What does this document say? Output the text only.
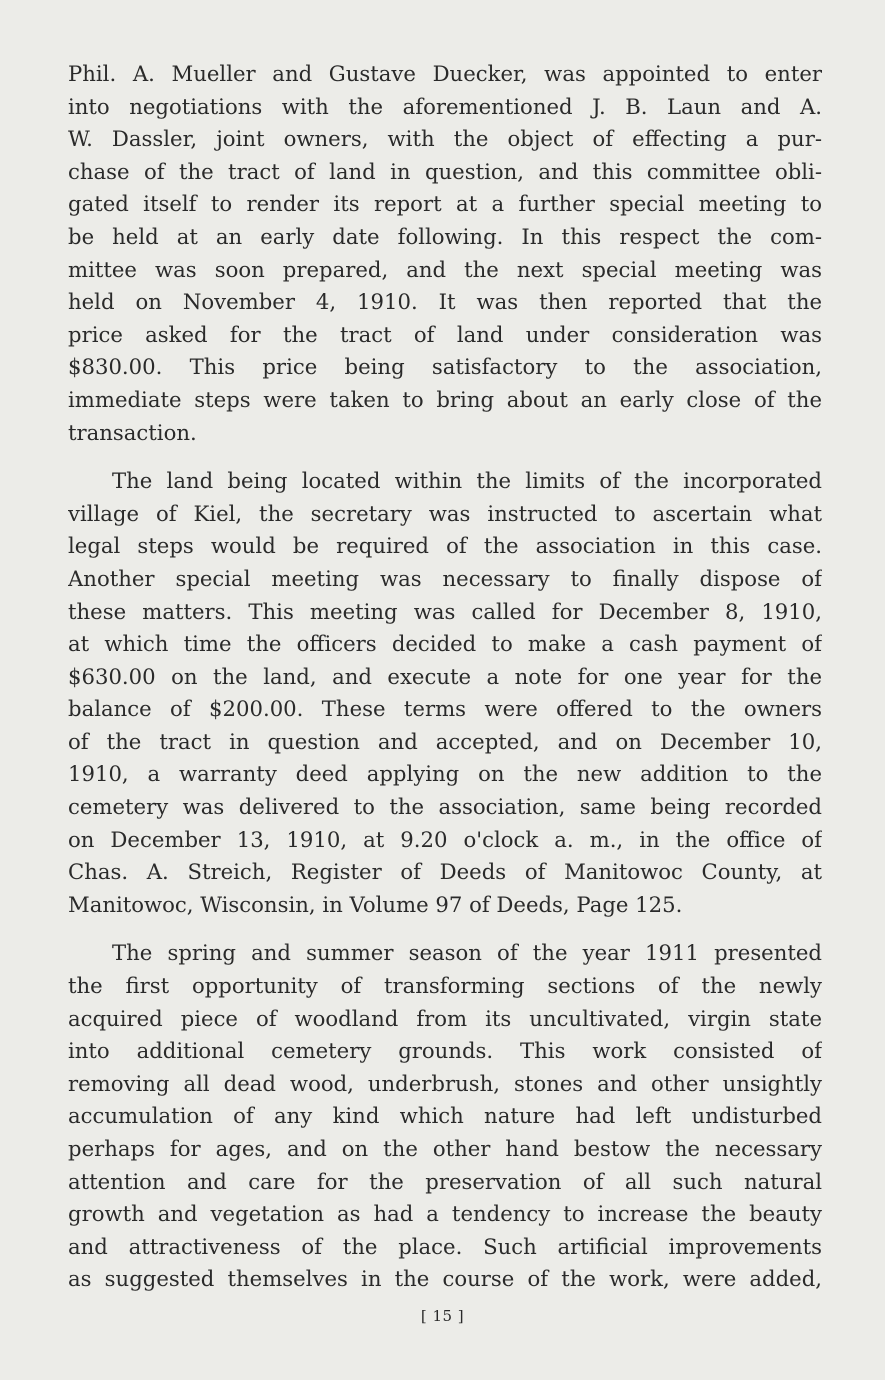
Phil. A. Mueller and Gustave Duecker, was appointed to enter
into negotiations with the aforementioned J. B. Laun and A.
W. Dassler, joint owners, with the object of effecting a pur-
chase of the tract of land in question, and this committee obli-
gated itself to render its report at a further special meeting to
be held at an early date following. In this respect the com-
mittee was soon prepared, and the next special meeting was
held on November 4, 1910. It was then reported that the
price asked for the tract of land under consideration was
$830.00. This price being satisfactory to the association,
immediate steps were taken to bring about an early close of the
transaction.
The land being located within the limits of the incorporated
village of Kiel, the secretary was instructed to ascertain what
legal steps would be required of the association in this case.
Another special meeting was necessary to finally dispose of
these matters. This meeting was called for December 8, 1910,
at which time the officers decided to make a cash payment of
$630.00 on the land, and execute a note for one year for the
balance of $200.00. These terms were offered to the owners
of the tract in question and accepted, and on December 10,
1910, a warranty deed applying on the new addition to the
cemetery was delivered to the association, same being recorded
on December 13, 1910, at 9.20 o'clock a. m., in the office of
Chas. A. Streich, Register of Deeds of Manitowoc County, at
Manitowoc, Wisconsin, in Volume 97 of Deeds, Page 125.
The spring and summer season of the year 1911 presented
the first opportunity of transforming sections of the newly
acquired piece of woodland from its uncultivated, virgin state
into additional cemetery grounds. This work consisted of
removing all dead wood, underbrush, stones and other unsightly
accumulation of any kind which nature had left undisturbed
perhaps for ages, and on the other hand bestow the necessary
attention and care for the preservation of all such natural
growth and vegetation as had a tendency to increase the beauty
and attractiveness of the place. Such artificial improvements
as suggested themselves in the course of the work, were added,
[ 15 ]
